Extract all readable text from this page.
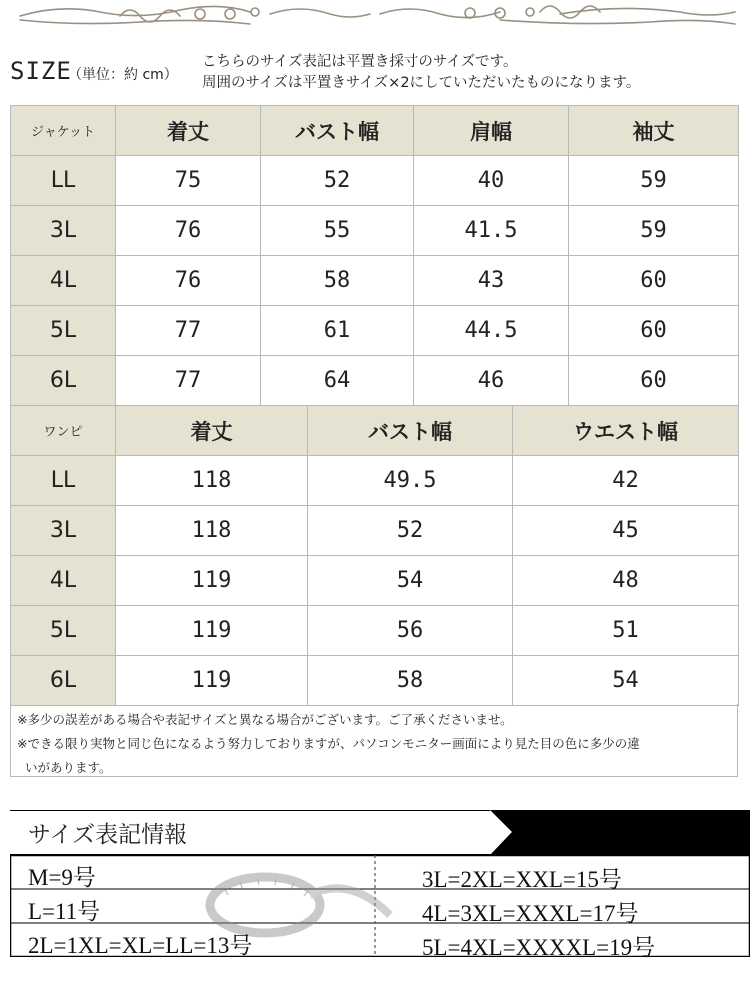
SIZE
（単位：約 cm）
こちらのサイズ表記は平置き採寸のサイズです。
周囲のサイズは平置きサイズ×2にしていただいたものになります。
ジャケット	着丈	バスト幅	肩幅	袖丈
LL	75	52	40	59
3L	76	55	41.5	59
4L	76	58	43	60
5L	77	61	44.5	60
6L	77	64	46	60
ワンピ	着丈	バスト幅	ウエスト幅
LL	118	49.5	42
3L	118	52	45
4L	119	54	48
5L	119	56	51
6L	119	58	54
※多少の誤差がある場合や表記サイズと異なる場合がございます。ご了承くださいませ。
※できる限り実物と同じ色になるよう努力しておりますが、パソコンモニター画面により見た目の色に多少の違
いがあります。
サイズ表記情報
M=9号
L=11号
2L=1XL=XL=LL=13号
3L=2XL=XXL=15号
4L=3XL=XXXL=17号
5L=4XL=XXXXL=19号
